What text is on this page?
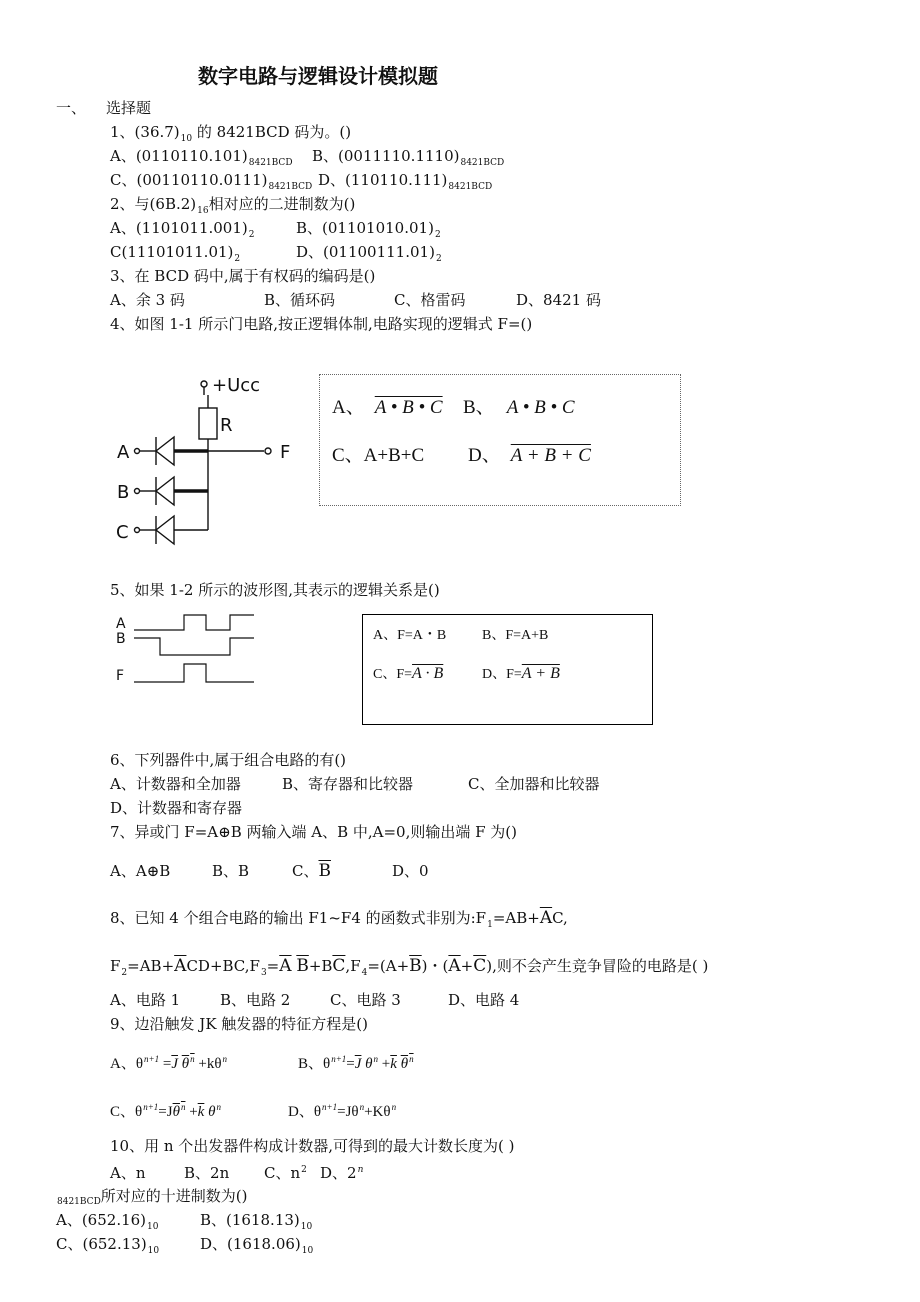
数字电路与逻辑设计模拟题
一、 选择题
1、$(36.7)_{10}$ 的 8421BCD 码为。()
A、$(0110110.101)_{8421BCD}$ B、$(0011110.1110)_{8421BCD}$
C、$(00110110.0111)_{8421BCD}$ D、$(110110.111)_{8421BCD}$
2、与$(6B.2)_{16}$相对应的二进制数为()
A、$(1101011.001)_2$	B、$(01101010.01)_2$
$C(11101011.01)_2$	D、$(01100111.01)_2$
3、在 BCD 码中,属于有权码的编码是()
A、余 3 码	B、循环码	C、格雷码	D、8421 码
4、如图 1-1 所示门电路,按正逻辑体制,电路实现的逻辑式 F=()
+Ucc
R
A
B
C
F
A、 A • B • C B、 A • B • C
C、A+B+C D、 A + B + C
5、如果 1-2 所示的波形图,其表示的逻辑关系是()
A
B
F
A、F=A・B	B、F=A+B
C、F=A · B	D、F=A + B
6、下列器件中,属于组合电路的有()
A、计数器和全加器	B、寄存器和比较器	C、全加器和比较器
D、计数器和寄存器
7、异或门 F=A⊕B 两输入端 A、B 中,A=0,则输出端 F 为()
A、A⊕B	B、B	C、$\overline{B}$	D、0
8、已知 4 个组合电路的输出 F1~F4 的函数式非别为$:F_1=AB+\overline{A}C$,
$F_2=AB+\overline{A}CD+BC,F_3=\overline{A}$ $\overline{B}+B\overline{C},F_4=(A+\overline{B})$・$(\overline{A}+\overline{C})$,则不会产生竞争冒险的电路是( )
A、电路 1	B、电路 2	C、电路 3	D、电路 4
9、边沿触发 JK 触发器的特征方程是()
A、$\theta^{n+1} =\overline{J}$ $\theta^n +k\theta^n$	B、$\theta^{n+1}=\overline{J}$ $\theta^n +\overline{k}$ $\theta^n$
C、$\theta^{n+1}=J\theta^n +\overline{k}$ $\theta^n$	D、$\theta^{n+1}=J\theta^n+K\theta^n$
10、用 n 个出发器件构成计数器,可得到的最大计数长度为( )
A、n	B、2n C、$n^2$ D、2$^n$
$_{8421BCD}$所对应的十进制数为()
A、$(652.16)_{10}$	B、$(1618.13)_{10}$
C、$(652.13)_{10}$	D、$(1618.06)_{10}$
